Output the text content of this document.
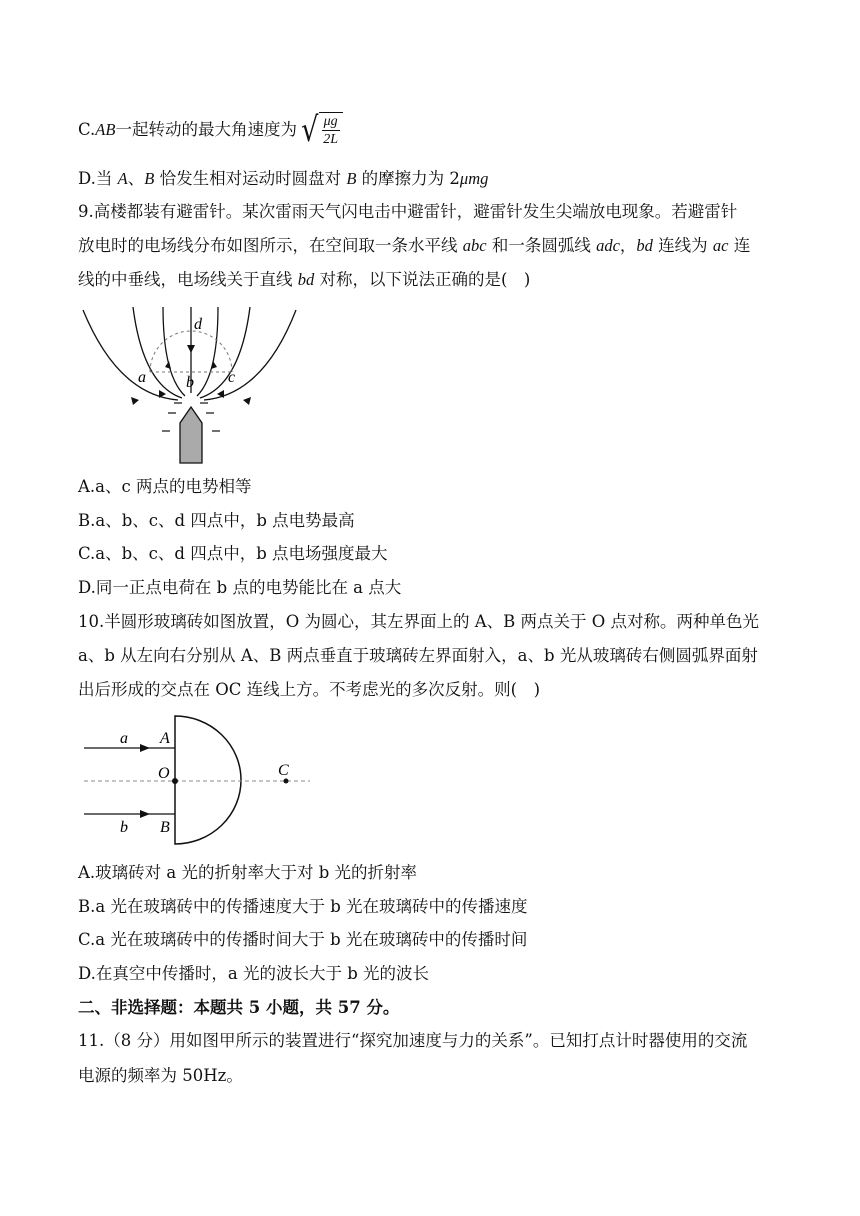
C. AB 一起转动的最大角速度为 √ $\frac{\mu g}{2L}$
D.当 A、B 恰发生相对运动时圆盘对 B 的摩擦力为 2μmg
9.高楼都装有避雷针。某次雷雨天气闪电击中避雷针，避雷针发生尖端放电现象。若避雷针
放电时的电场线分布如图所示，在空间取一条水平线 abc 和一条圆弧线 adc，bd 连线为 ac 连
线的中垂线，电场线关于直线 bd 对称，以下说法正确的是(　)
d
a	b c
A.a、c 两点的电势相等
B.a、b、c、d 四点中，b 点电势最高
C.a、b、c、d 四点中，b 点电场强度最大
D.同一正点电荷在 b 点的电势能比在 a 点大
10.半圆形玻璃砖如图放置，O 为圆心，其左界面上的 A、B 两点关于 O 点对称。两种单色光
a、b 从左向右分别从 A、B 两点垂直于玻璃砖左界面射入，a、b 光从玻璃砖右侧圆弧界面射
出后形成的交点在 OC 连线上方。不考虑光的多次反射。则(　)
a A
O	C
b B
A.玻璃砖对 a 光的折射率大于对 b 光的折射率
B.a 光在玻璃砖中的传播速度大于 b 光在玻璃砖中的传播速度
C.a 光在玻璃砖中的传播时间大于 b 光在玻璃砖中的传播时间
D.在真空中传播时，a 光的波长大于 b 光的波长
二、非选择题：本题共 5 小题，共 57 分。
11.（8 分）用如图甲所示的装置进行“探究加速度与力的关系”。已知打点计时器使用的交流
电源的频率为 50Hz。
